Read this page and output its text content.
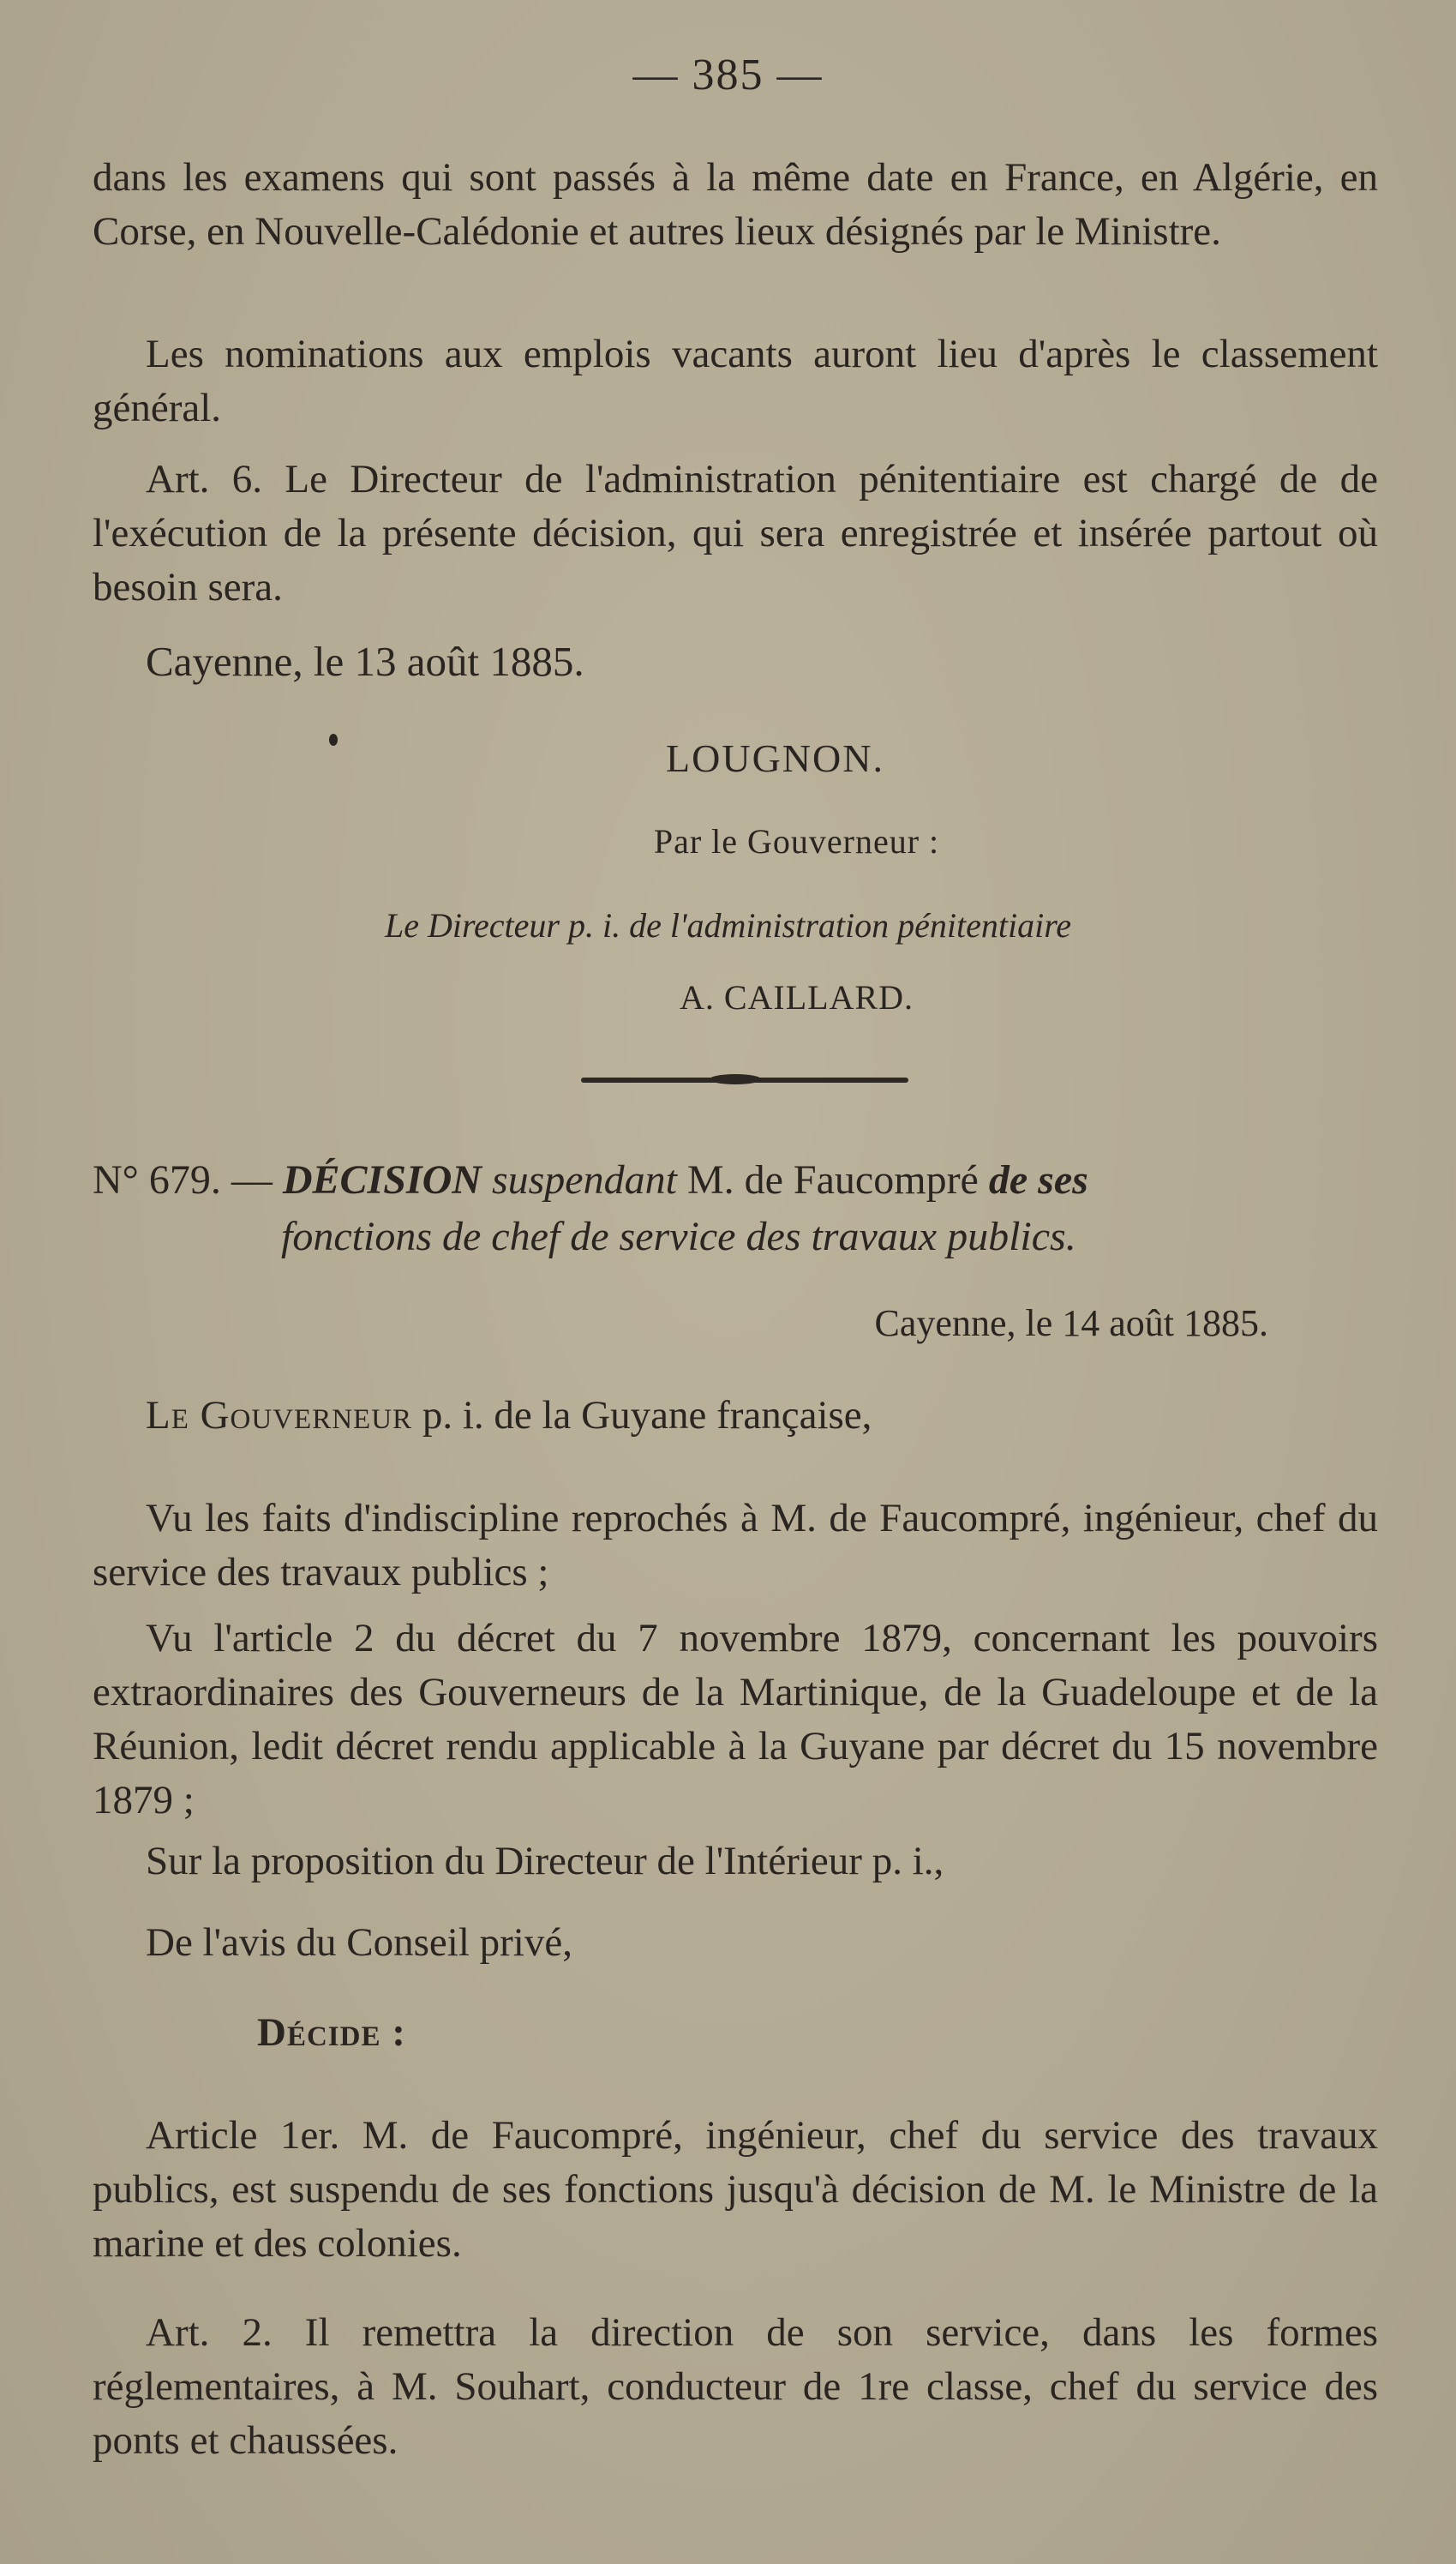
— 385 —

dans les examens qui sont passés à la même date en France, en Algérie, en Corse, en Nouvelle-Calédonie et autres lieux désignés par le Ministre.

Les nominations aux emplois vacants auront lieu d'après le classement général.

Art. 6. Le Directeur de l'administration pénitentiaire est chargé de de l'exécution de la présente décision, qui sera enregistrée et insérée partout où besoin sera.

Cayenne, le 13 août 1885.

LOUGNON.
Par le Gouverneur :
Le Directeur p. i. de l'administration pénitentiaire
A. CAILLARD.

N° 679. — DÉCISION suspendant M. de Faucompré de ses

fonctions de chef de service des travaux publics.

Cayenne, le 14 août 1885.

Le Gouverneur p. i. de la Guyane française,

Vu les faits d'indiscipline reprochés à M. de Faucompré, ingénieur, chef du service des travaux publics ;

Vu l'article 2 du décret du 7 novembre 1879, concernant les pouvoirs extraordinaires des Gouverneurs de la Martinique, de la Guadeloupe et de la Réunion, ledit décret rendu applicable à la Guyane par décret du 15 novembre 1879 ;

Sur la proposition du Directeur de l'Intérieur p. i.,

De l'avis du Conseil privé,

Décide :

Article 1er. M. de Faucompré, ingénieur, chef du service des travaux publics, est suspendu de ses fonctions jusqu'à décision de M. le Ministre de la marine et des colonies.

Art. 2. Il remettra la direction de son service, dans les formes réglementaires, à M. Souhart, conducteur de 1re classe, chef du service des ponts et chaussées.
